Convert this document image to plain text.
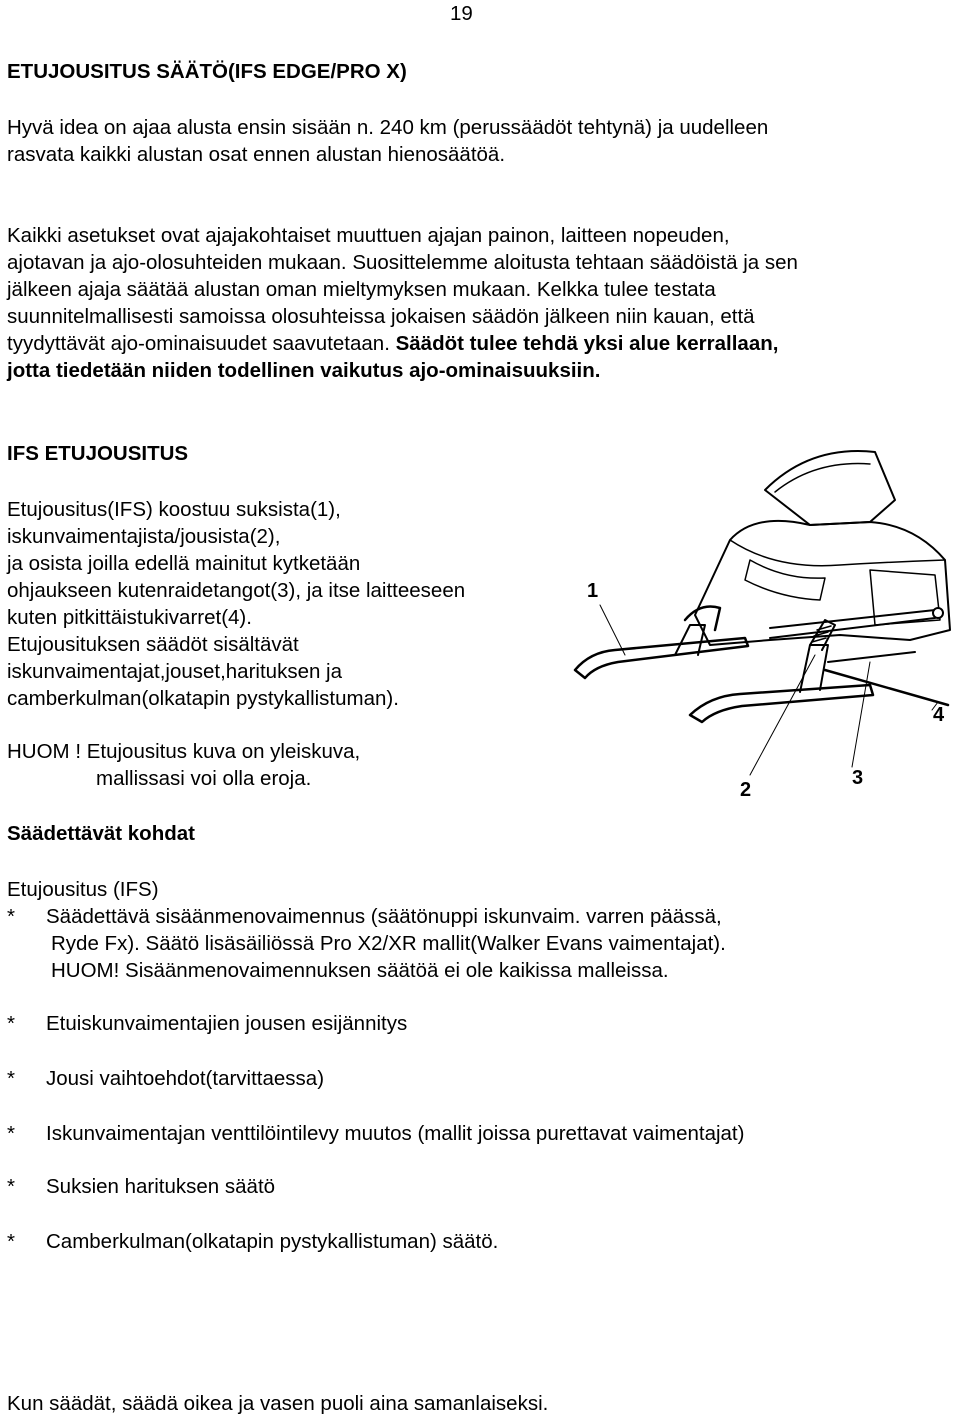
19

ETUJOUSITUS SÄÄTÖ(IFS EDGE/PRO X)

Hyvä idea on ajaa alusta ensin sisään n. 240 km (perussäädöt tehtynä) ja uudelleen

rasvata kaikki alustan osat ennen alustan hienosäätöä.

Kaikki asetukset ovat ajajakohtaiset muuttuen ajajan painon, laitteen nopeuden,

ajotavan ja ajo-olosuhteiden mukaan. Suosittelemme aloitusta tehtaan säädöistä ja sen

jälkeen ajaja säätää alustan oman mieltymyksen mukaan. Kelkka tulee testata

suunnitelmallisesti samoissa olosuhteissa jokaisen säädön jälkeen niin kauan, että

tyydyttävät ajo-ominaisuudet saavutetaan. Säädöt tulee tehdä yksi alue kerrallaan,

jotta tiedetään niiden todellinen vaikutus ajo-ominaisuuksiin.

IFS ETUJOUSITUS

Etujousitus(IFS) koostuu suksista(1),

iskunvaimentajista/jousista(2),

ja osista joilla edellä mainitut kytketään

ohjaukseen kutenraidetangot(3), ja itse laitteeseen

kuten pitkittäistukivarret(4).

Etujousituksen säädöt sisältävät

iskunvaimentajat,jouset,harituksen ja

camberkulman(olkatapin pystykallistuman).

HUOM ! Etujousitus kuva on yleiskuva,
mallissasi voi olla eroja.
1
2
3
4

Säädettävät kohdat

Etujousitus (IFS)

* Säädettävä sisäänmenovaimennus (säätönuppi iskunvaim. varren päässä,
Ryde Fx). Säätö lisäsäiliössä Pro X2/XR mallit(Walker Evans vaimentajat).
HUOM! Sisäänmenovaimennuksen säätöä ei ole kaikissa malleissa.
* Etuiskunvaimentajien jousen esijännitys
* Jousi vaihtoehdot(tarvittaessa)
* Iskunvaimentajan venttilöintilevy muutos (mallit joissa purettavat vaimentajat)
* Suksien harituksen säätö
* Camberkulman(olkatapin pystykallistuman) säätö.

Kun säädät, säädä oikea ja vasen puoli aina samanlaiseksi.
